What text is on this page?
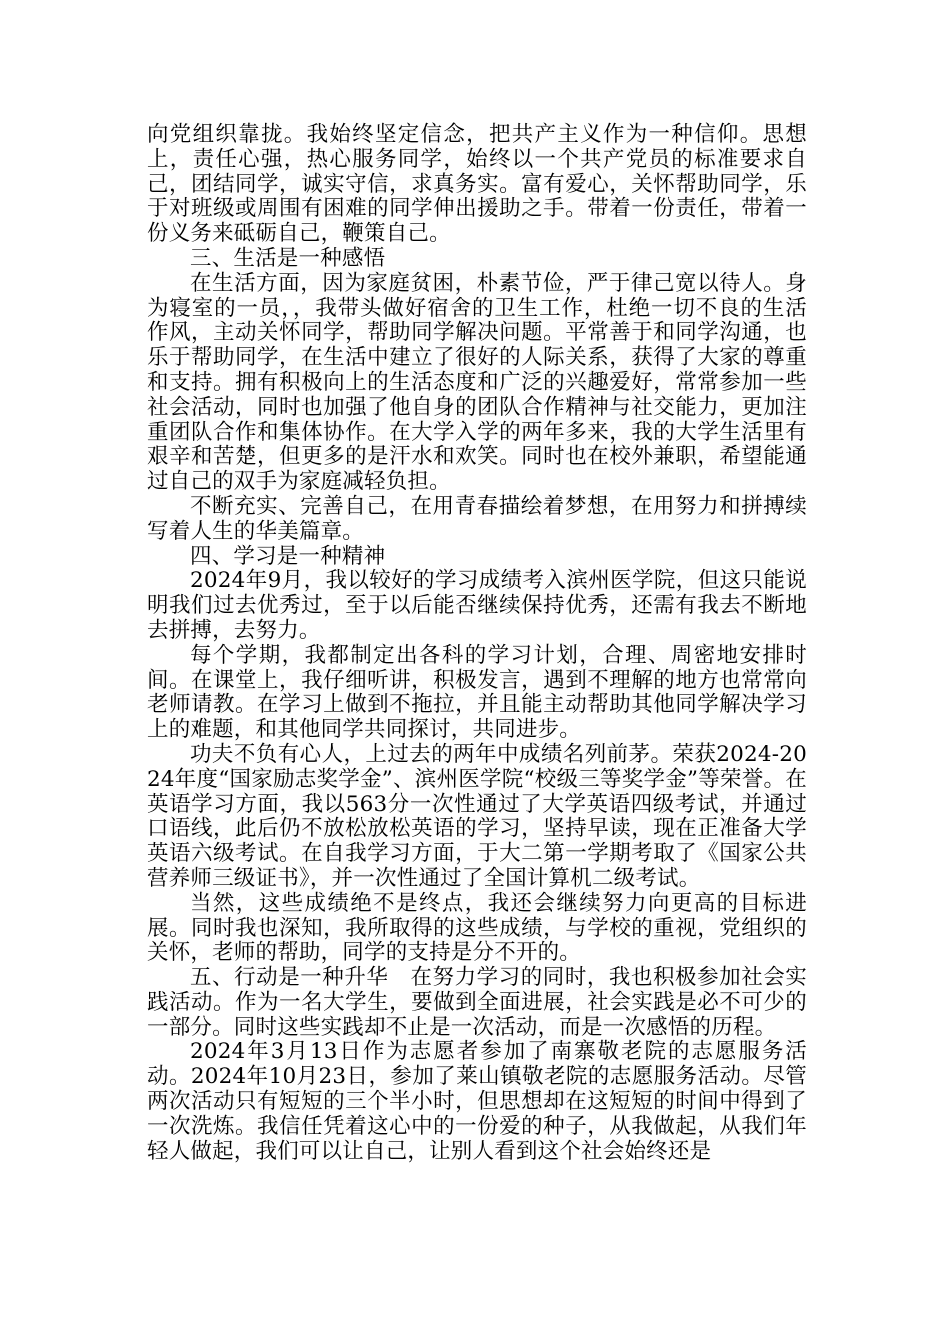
向党组织靠拢。我始终坚定信念，把共产主义作为一种信仰。思想上，责任心强，热心服务同学，始终以一个共产党员的标准要求自己，团结同学，诚实守信，求真务实。富有爱心，关怀帮助同学，乐于对班级或周围有困难的同学伸出援助之手。带着一份责任，带着一份义务来砥砺自己，鞭策自己。

三、生活是一种感悟

在生活方面，因为家庭贫困，朴素节俭，严于律己宽以待人。身为寝室的一员，，我带头做好宿舍的卫生工作，杜绝一切不良的生活作风，主动关怀同学，帮助同学解决问题。平常善于和同学沟通，也乐于帮助同学，在生活中建立了很好的人际关系，获得了大家的尊重和支持。拥有积极向上的生活态度和广泛的兴趣爱好，常常参加一些社会活动，同时也加强了他自身的团队合作精神与社交能力，更加注重团队合作和集体协作。在大学入学的两年多来，我的大学生活里有艰辛和苦楚，但更多的是汗水和欢笑。同时也在校外兼职，希望能通过自己的双手为家庭减轻负担。

不断充实、完善自己，在用青春描绘着梦想，在用努力和拼搏续写着人生的华美篇章。

四、学习是一种精神

2024年9月，我以较好的学习成绩考入滨州医学院，但这只能说明我们过去优秀过，至于以后能否继续保持优秀，还需有我去不断地去拼搏，去努力。

每个学期，我都制定出各科的学习计划，合理、周密地安排时间。在课堂上，我仔细听讲，积极发言，遇到不理解的地方也常常向老师请教。在学习上做到不拖拉，并且能主动帮助其他同学解决学习上的难题，和其他同学共同探讨，共同进步。

功夫不负有心人，上过去的两年中成绩名列前茅。荣获2024-2024年度“国家励志奖学金”、滨州医学院“校级三等奖学金”等荣誉。在英语学习方面，我以563分一次性通过了大学英语四级考试，并通过口语线，此后仍不放松放松英语的学习，坚持早读，现在正准备大学英语六级考试。在自我学习方面，于大二第一学期考取了《国家公共营养师三级证书》，并一次性通过了全国计算机二级考试。

当然，这些成绩绝不是终点，我还会继续努力向更高的目标进展。同时我也深知，我所取得的这些成绩，与学校的重视，党组织的关怀，老师的帮助，同学的支持是分不开的。

五、行动是一种升华　在努力学习的同时，我也积极参加社会实践活动。作为一名大学生，要做到全面进展，社会实践是必不可少的一部分。同时这些实践却不止是一次活动，而是一次感悟的历程。

2024年3月13日作为志愿者参加了南寨敬老院的志愿服务活动。2024年10月23日，参加了莱山镇敬老院的志愿服务活动。尽管两次活动只有短短的三个半小时，但思想却在这短短的时间中得到了一次洗炼。我信任凭着这心中的一份爱的种子，从我做起，从我们年轻人做起，我们可以让自己，让别人看到这个社会始终还是
